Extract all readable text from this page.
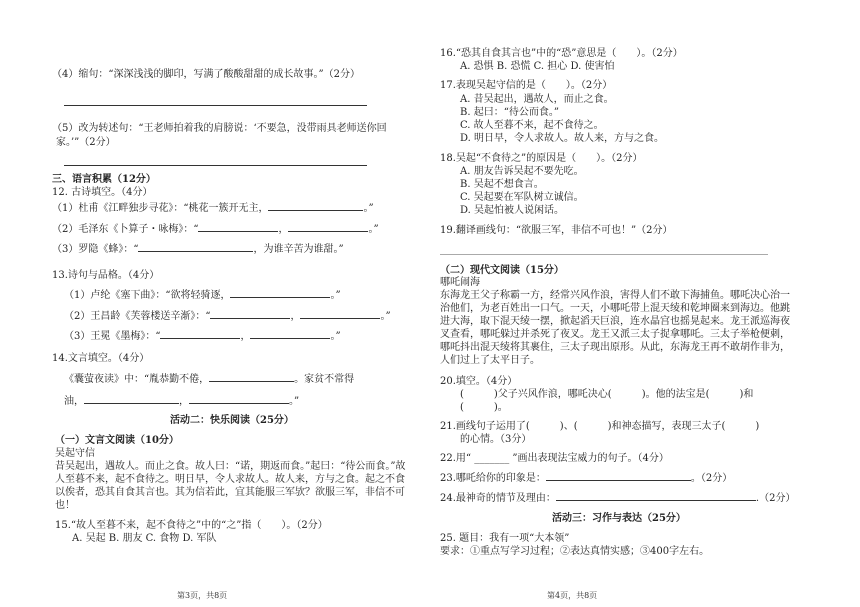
（4）缩句：“深深浅浅的脚印，写满了酸酸甜甜的成长故事。”（2分）
（5）改为转述句：“王老师拍着我的肩膀说：‘不要急，没带雨具老师送你回
家。’”（2分）
三、语言积累（12分）
12. 古诗填空。（4分）
（1）杜甫《江畔独步寻花》：“桃花一簇开无主，	。”
（2）毛泽东《卜算子・咏梅》：“	，	。”
（3）罗隐《蜂》：“	，为谁辛苦为谁甜。”
13.诗句与品格。（4分）
（1）卢纶《塞下曲》：“欲将轻骑逐，	。”
（2）王昌龄《芙蓉楼送辛渐》：“	，	。”
（3）王冕《墨梅》：“	，	。”
14.文言填空。（4分）
《囊萤夜读》中：“胤恭勤不倦，	。家贫不常得
油，	，	。”
活动二：快乐阅读（25分）
（一）文言文阅读（10分）
吴起守信
昔吴起出，遇故人。而止之食。故人曰：“诺，期返而食。”起曰：“待公而食。”故人至暮不来，起不食待之。明日早，令人求故人。故人来，方与之食。起之不食以俟者，恐其自食其言也。其为信若此，宜其能服三军欤？欲服三军，非信不可也！
15.“故人至暮不来，起不食待之”中的“之”指（　　）。（2分）
A. 吴起 B. 朋友 C. 食物 D. 军队
第3页，共8页
16.“恐其自食其言也”中的“恐”意思是（　　）。（2分）
A. 恐惧 B. 恐慌 C. 担心 D. 使害怕
17.表现吴起守信的是（　　）。（2分）
A. 昔吴起出，遇故人，而止之食。
B. 起曰：“待公而食。”
C. 故人至暮不来，起不食待之。
D. 明日早，令人求故人。故人来，方与之食。
18.吴起“不食待之”的原因是（　　）。（2分）
A. 朋友告诉吴起不要先吃。
B. 吴起不想食言。
C. 吴起要在军队树立诚信。
D. 吴起怕被人说闲话。
19.翻译画线句：“欲服三军，非信不可也！”（2分）
（二）现代文阅读（15分）
哪吒闹海
东海龙王父子称霸一方，经常兴风作浪，害得人们不敢下海捕鱼。哪吒决心治一治他们，为老百姓出一口气。一天，小哪吒带上混天绫和乾坤圈来到海边。他跳进大海，取下混天绫一摆，掀起滔天巨浪，连水晶宫也摇晃起来。龙王派巡海夜叉查看，哪吒躲过并杀死了夜叉。龙王又派三太子捉拿哪吒。三太子举枪便刺，哪吒抖出混天绫将其裹住，三太子现出原形。从此，东海龙王再不敢胡作非为，人们过上了太平日子。
20.填空。（4分）
(　　　)父子兴风作浪，哪吒决心(　　　)。他的法宝是(　　　)和
(　　　)。
21.画线句子运用了(　　　)、(　　　)和神态描写，表现三太子(　　　)
的心情。（3分）
22.用“ _______ ”画出表现法宝威力的句子。（4分）
23.哪吒给你的印象是：	。（2分）
24.最神奇的情节及理由：	.（2分）
活动三：习作与表达（25分）
25. 题目：我有一项“大本领”
要求：①重点写学习过程；②表达真情实感；③400字左右。
第4页，共8页
